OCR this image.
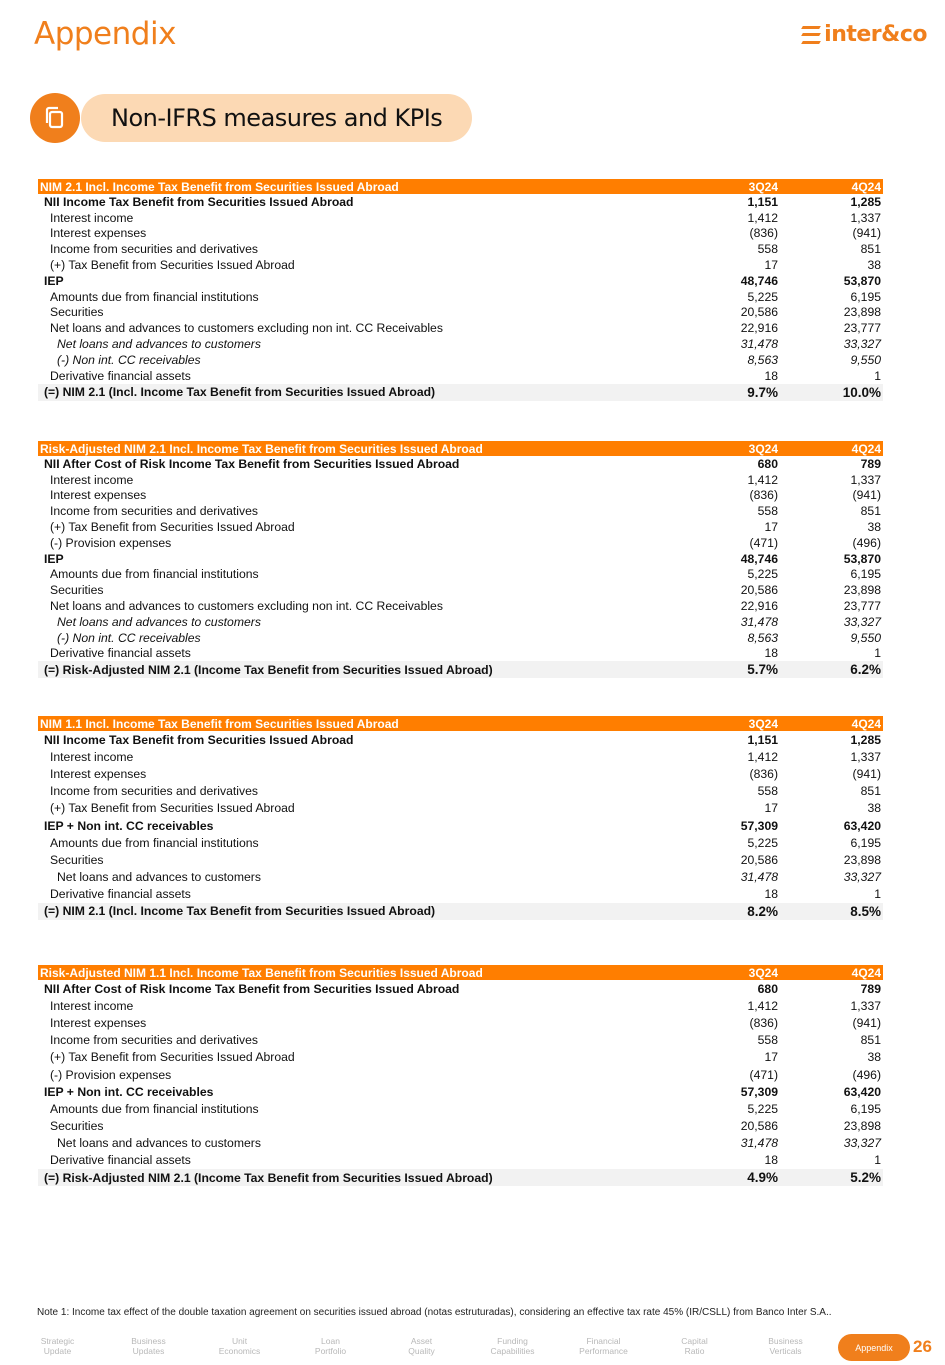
Appendix	inter&co
Non-IFRS measures and KPIs
NIM 2.1 Incl. Income Tax Benefit from Securities Issued Abroad	3Q24	4Q24
NII Income Tax Benefit from Securities Issued Abroad	1,151	1,285
Interest income	1,412	1,337
Interest expenses	(836)	(941)
Income from securities and derivatives	558	851
(+) Tax Benefit from Securities Issued Abroad	17	38
IEP	48,746	53,870
Amounts due from financial institutions	5,225	6,195
Securities	20,586	23,898
Net loans and advances to customers excluding non int. CC Receivables	22,916	23,777
Net loans and advances to customers	31,478	33,327
(-) Non int. CC receivables	8,563	9,550
Derivative financial assets	18	1
(=) NIM 2.1 (Incl. Income Tax Benefit from Securities Issued Abroad)	9.7%	10.0%
Risk-Adjusted NIM 2.1 Incl. Income Tax Benefit from Securities Issued Abroad	3Q24	4Q24
NII After Cost of Risk Income Tax Benefit from Securities Issued Abroad	680	789
Interest income	1,412	1,337
Interest expenses	(836)	(941)
Income from securities and derivatives	558	851
(+) Tax Benefit from Securities Issued Abroad	17	38
(-) Provision expenses	(471)	(496)
IEP	48,746	53,870
Amounts due from financial institutions	5,225	6,195
Securities	20,586	23,898
Net loans and advances to customers excluding non int. CC Receivables	22,916	23,777
Net loans and advances to customers	31,478	33,327
(-) Non int. CC receivables	8,563	9,550
Derivative financial assets	18	1
(=) Risk-Adjusted NIM 2.1 (Income Tax Benefit from Securities Issued Abroad)	5.7%	6.2%
NIM 1.1 Incl. Income Tax Benefit from Securities Issued Abroad	3Q24	4Q24
NII Income Tax Benefit from Securities Issued Abroad	1,151	1,285
Interest income	1,412	1,337
Interest expenses	(836)	(941)
Income from securities and derivatives	558	851
(+) Tax Benefit from Securities Issued Abroad	17	38
IEP + Non int. CC receivables	57,309	63,420
Amounts due from financial institutions	5,225	6,195
Securities	20,586	23,898
Net loans and advances to customers	31,478	33,327
Derivative financial assets	18	1
(=) NIM 2.1 (Incl. Income Tax Benefit from Securities Issued Abroad)	8.2%	8.5%
Risk-Adjusted NIM 1.1 Incl. Income Tax Benefit from Securities Issued Abroad	3Q24	4Q24
NII After Cost of Risk Income Tax Benefit from Securities Issued Abroad	680	789
Interest income	1,412	1,337
Interest expenses	(836)	(941)
Income from securities and derivatives	558	851
(+) Tax Benefit from Securities Issued Abroad	17	38
(-) Provision expenses	(471)	(496)
IEP + Non int. CC receivables	57,309	63,420
Amounts due from financial institutions	5,225	6,195
Securities	20,586	23,898
Net loans and advances to customers	31,478	33,327
Derivative financial assets	18	1
(=) Risk-Adjusted NIM 2.1 (Income Tax Benefit from Securities Issued Abroad)	4.9%	5.2%
Note 1: Income tax effect of the double taxation agreement on securities issued abroad (notas estruturadas), considering an effective tax rate 45% (IR/CSLL) from Banco Inter S.A..
Strategic
Update
Business
Updates
Unit
Economics
Loan
Portfolio
Asset
Quality
Funding
Capabilities
Financial
Performance
Capital
Ratio
Business
Verticals	Appendix	26
